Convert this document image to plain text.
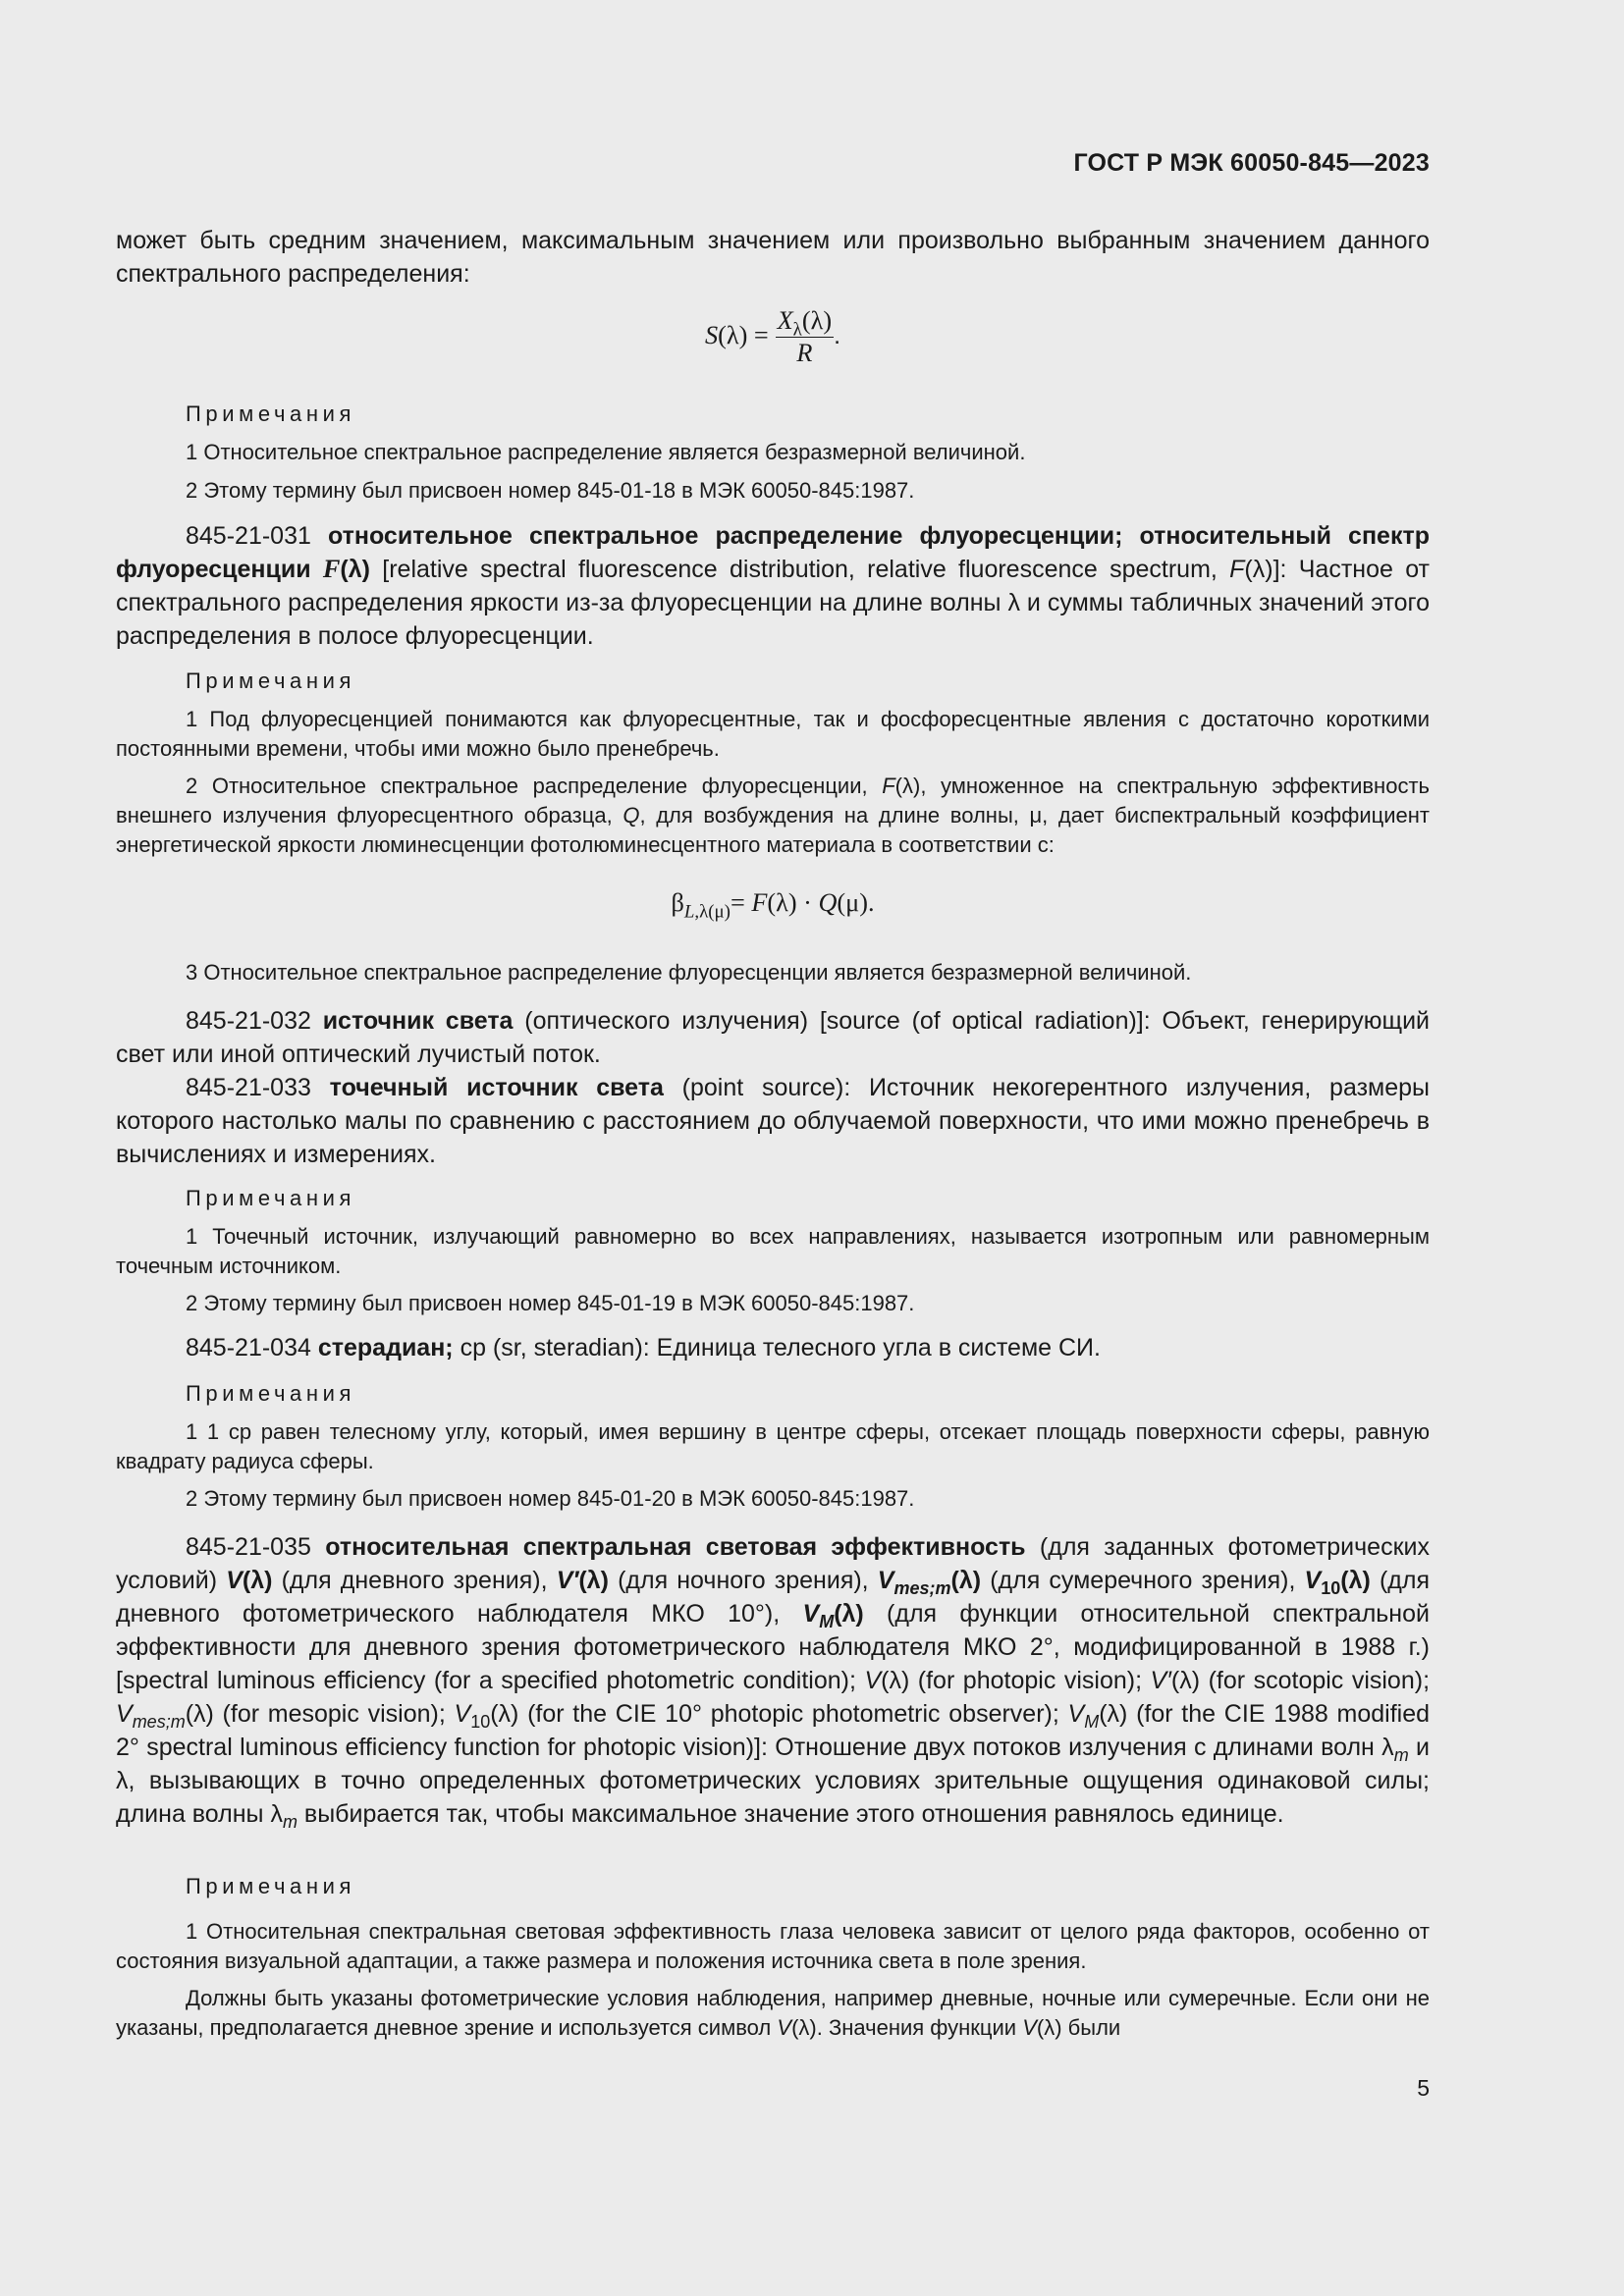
ГОСТ Р МЭК 60050-845—2023

может быть средним значением, максимальным значением или произвольно выбранным значением данного спектрального распределения:

$S(\lambda) = \frac{X_\lambda(\lambda)}{R}$ .

Примечания

1 Относительное спектральное распределение является безразмерной величиной.

2 Этому термину был присвоен номер 845-01-18 в МЭК 60050-845:1987.

845-21-031 относительное спектральное распределение флуоресценции; относительный спектр флуоресценции F(λ) [relative spectral fluorescence distribution, relative fluorescence spectrum, F(λ)]: Частное от спектрального распределения яркости из-за флуоресценции на длине волны λ и суммы табличных значений этого распределения в полосе флуоресценции.

Примечания

1 Под флуоресценцией понимаются как флуоресцентные, так и фосфоресцентные явления с достаточно короткими постоянными времени, чтобы ими можно было пренебречь.

2 Относительное спектральное распределение флуоресценции, F(λ), умноженное на спектральную эффективность внешнего излучения флуоресцентного образца, Q, для возбуждения на длине волны, μ, дает биспектральный коэффициент энергетической яркости люминесценции фотолюминесцентного материала в соответствии с:

$\beta_{L,\lambda(\mu)}= F(\lambda) \cdot Q(\mu)$.

3 Относительное спектральное распределение флуоресценции является безразмерной величиной.

845-21-032 источник света (оптического излучения) [source (of optical radiation)]: Объект, генерирующий свет или иной оптический лучистый поток.

845-21-033 точечный источник света (point source): Источник некогерентного излучения, размеры которого настолько малы по сравнению с расстоянием до облучаемой поверхности, что ими можно пренебречь в вычислениях и измерениях.

Примечания

1 Точечный источник, излучающий равномерно во всех направлениях, называется изотропным или равномерным точечным источником.

2 Этому термину был присвоен номер 845-01-19 в МЭК 60050-845:1987.

845-21-034 стерадиан; ср (sr, steradian): Единица телесного угла в системе СИ.

Примечания

1 1 ср равен телесному углу, который, имея вершину в центре сферы, отсекает площадь поверхности сферы, равную квадрату радиуса сферы.

2 Этому термину был присвоен номер 845-01-20 в МЭК 60050-845:1987.

845-21-035 относительная спектральная световая эффективность (для заданных фотометрических условий) V(λ) (для дневного зрения), V′(λ) (для ночного зрения), $V_{mes;m}(\lambda)$ (для сумеречного зрения), $V_{10}(\lambda)$ (для дневного фотометрического наблюдателя МКО 10°), $V_M(\lambda)$ (для функции относительной спектральной эффективности для дневного зрения фотометрического наблюдателя МКО 2°, модифицированной в 1988 г.) [spectral luminous efficiency (for a specified photometric condition); V(λ) (for photopic vision); V′(λ) (for scotopic vision); $V_{mes;m}(\lambda)$ (for mesopic vision); $V_{10}(\lambda)$ (for the CIE 10° photopic photometric observer); $V_M(\lambda)$ (for the CIE 1988 modified 2° spectral luminous efficiency function for photopic vision)]: Отношение двух потоков излучения с длинами волн $\lambda_m$ и λ, вызывающих в точно определенных фотометрических условиях зрительные ощущения одинаковой силы; длина волны $\lambda_m$ выбирается так, чтобы максимальное значение этого отношения равнялось единице.

Примечания

1 Относительная спектральная световая эффективность глаза человека зависит от целого ряда факторов, особенно от состояния визуальной адаптации, а также размера и положения источника света в поле зрения.

Должны быть указаны фотометрические условия наблюдения, например дневные, ночные или сумеречные. Если они не указаны, предполагается дневное зрение и используется символ V(λ). Значения функции V(λ) были

5
